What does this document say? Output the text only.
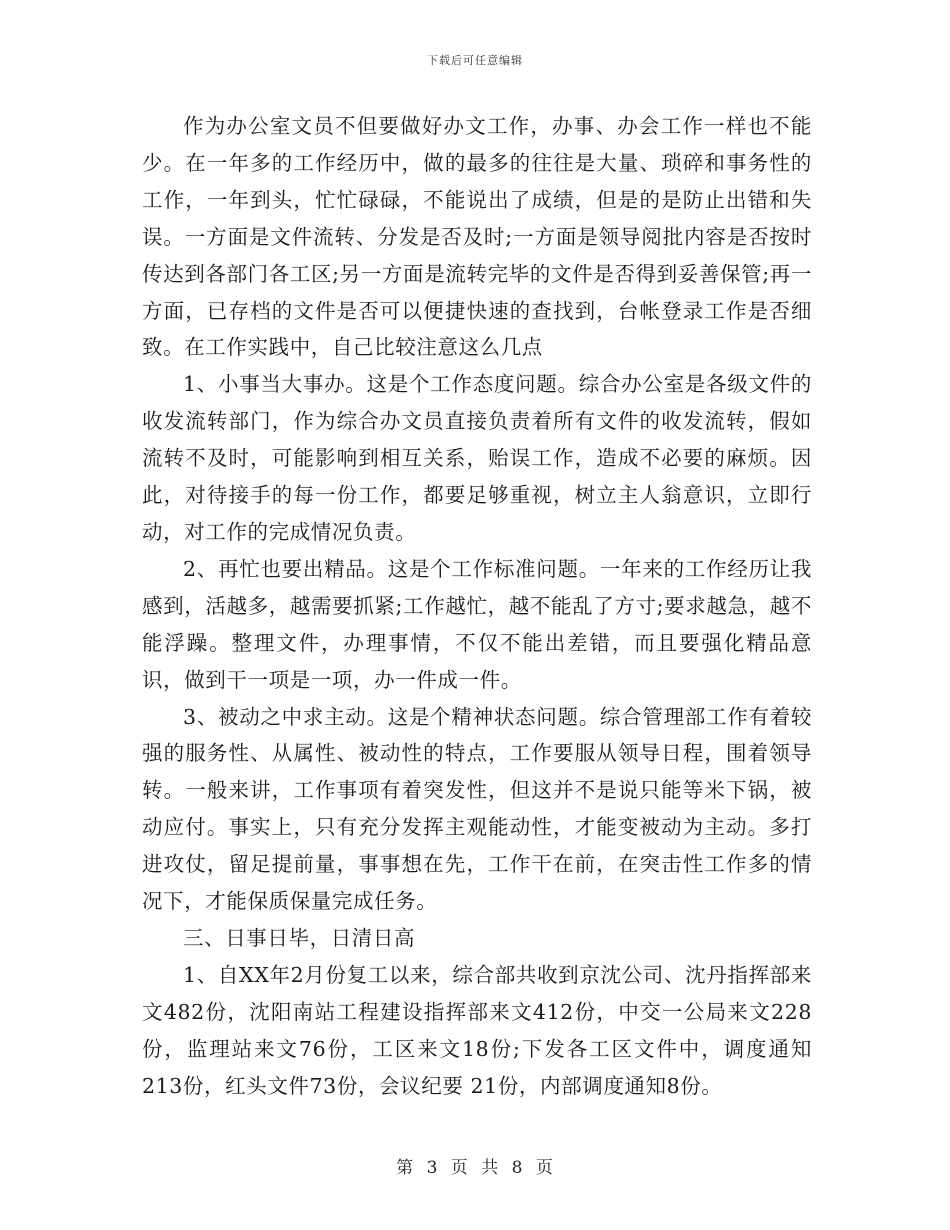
下载后可任意编辑

作为办公室文员不但要做好办文工作，办事、办会工作一样也不能少。在一年多的工作经历中，做的最多的往往是大量、琐碎和事务性的工作，一年到头，忙忙碌碌，不能说出了成绩，但是的是防止出错和失误。一方面是文件流转、分发是否及时;一方面是领导阅批内容是否按时传达到各部门各工区;另一方面是流转完毕的文件是否得到妥善保管;再一方面，已存档的文件是否可以便捷快速的查找到，台帐登录工作是否细致。在工作实践中，自己比较注意这么几点

1、小事当大事办。这是个工作态度问题。综合办公室是各级文件的收发流转部门，作为综合办文员直接负责着所有文件的收发流转，假如流转不及时，可能影响到相互关系，贻误工作，造成不必要的麻烦。因此，对待接手的每一份工作，都要足够重视，树立主人翁意识，立即行动，对工作的完成情况负责。

2、再忙也要出精品。这是个工作标准问题。一年来的工作经历让我感到，活越多，越需要抓紧;工作越忙，越不能乱了方寸;要求越急，越不能浮躁。整理文件，办理事情，不仅不能出差错，而且要强化精品意识，做到干一项是一项，办一件成一件。

3、被动之中求主动。这是个精神状态问题。综合管理部工作有着较强的服务性、从属性、被动性的特点，工作要服从领导日程，围着领导转。一般来讲，工作事项有着突发性，但这并不是说只能等米下锅，被动应付。事实上，只有充分发挥主观能动性，才能变被动为主动。多打进攻仗，留足提前量，事事想在先，工作干在前，在突击性工作多的情况下，才能保质保量完成任务。

三、日事日毕，日清日高

1、自XX年2月份复工以来，综合部共收到京沈公司、沈丹指挥部来文482份，沈阳南站工程建设指挥部来文412份，中交一公局来文228份，监理站来文76份，工区来文18份;下发各工区文件中，调度通知213份，红头文件73份，会议纪要 21份，内部调度通知8份。

第 3 页 共 8 页
